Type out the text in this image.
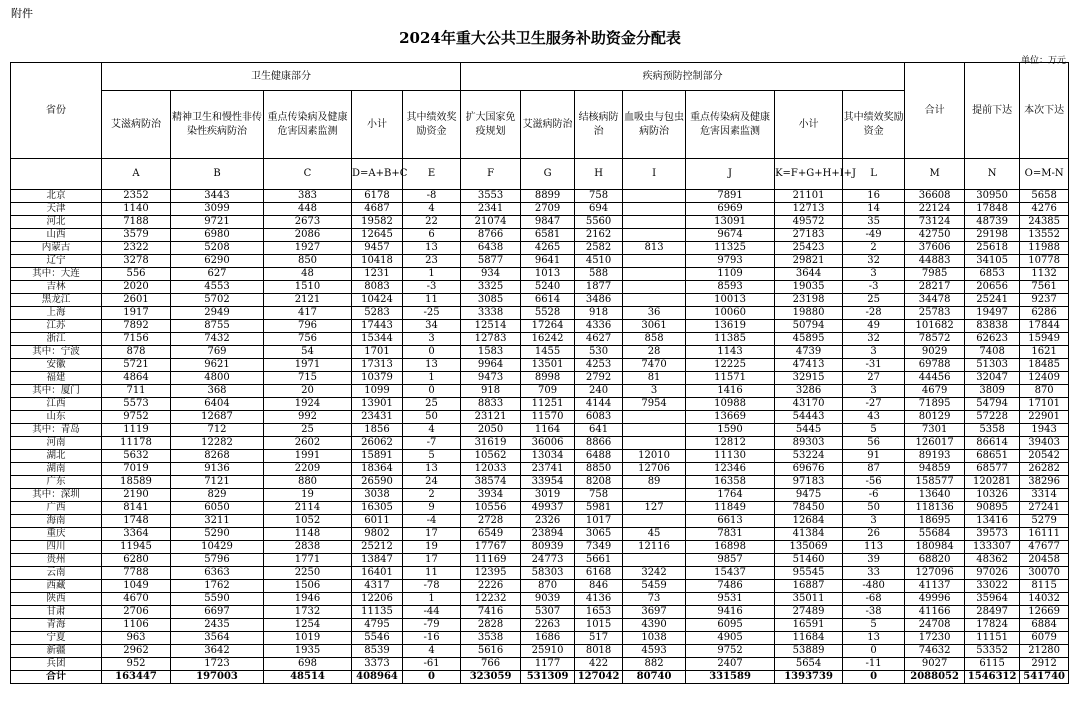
附件
2024年重大公共卫生服务补助资金分配表
单位：万元
省份	卫生健康部分					疾病预防控制部分							合计	提前下达	本次下达
	艾滋病防治	精神卫生和慢性非传染性疾病防治	重点传染病及健康危害因素监测	小计	其中绩效奖励资金	扩大国家免疫规划	艾滋病防治	结核病防治	血吸虫与包虫病防治	重点传染病及健康危害因素监测	小计	其中绩效奖励资金			
	A	B	C	D=A+B+C	E	F	G	H	I	J	K=F+G+H+I+J	L	M	N	O=M-N
北京	2352	3443	383	6178	-8	3553	8899	758		7891	21101	16	36608	30950	5658
天津	1140	3099	448	4687	4	2341	2709	694		6969	12713	14	22124	17848	4276
河北	7188	9721	2673	19582	22	21074	9847	5560		13091	49572	35	73124	48739	24385
山西	3579	6980	2086	12645	6	8766	6581	2162		9674	27183	-49	42750	29198	13552
内蒙古	2322	5208	1927	9457	13	6438	4265	2582	813	11325	25423	2	37606	25618	11988
辽宁	3278	6290	850	10418	23	5877	9641	4510		9793	29821	32	44883	34105	10778
其中：大连	556	627	48	1231	1	934	1013	588		1109	3644	3	7985	6853	1132
吉林	2020	4553	1510	8083	-3	3325	5240	1877		8593	19035	-3	28217	20656	7561
黑龙江	2601	5702	2121	10424	11	3085	6614	3486		10013	23198	25	34478	25241	9237
上海	1917	2949	417	5283	-25	3338	5528	918	36	10060	19880	-28	25783	19497	6286
江苏	7892	8755	796	17443	34	12514	17264	4336	3061	13619	50794	49	101682	83838	17844
浙江	7156	7432	756	15344	3	12783	16242	4627	858	11385	45895	32	78572	62623	15949
其中：宁波	878	769	54	1701	0	1583	1455	530	28	1143	4739	3	9029	7408	1621
安徽	5721	9621	1971	17313	13	9964	13501	4253	7470	12225	47413	-31	69788	51303	18485
福建	4864	4800	715	10379	1	9473	8998	2792	81	11571	32915	27	44456	32047	12409
其中：厦门	711	368	20	1099	0	918	709	240	3	1416	3286	3	4679	3809	870
江西	5573	6404	1924	13901	25	8833	11251	4144	7954	10988	43170	-27	71895	54794	17101
山东	9752	12687	992	23431	50	23121	11570	6083		13669	54443	43	80129	57228	22901
其中：青岛	1119	712	25	1856	4	2050	1164	641		1590	5445	5	7301	5358	1943
河南	11178	12282	2602	26062	-7	31619	36006	8866		12812	89303	56	126017	86614	39403
湖北	5632	8268	1991	15891	5	10562	13034	6488	12010	11130	53224	91	89193	68651	20542
湖南	7019	9136	2209	18364	13	12033	23741	8850	12706	12346	69676	87	94859	68577	26282
广东	18589	7121	880	26590	24	38574	33954	8208	89	16358	97183	-56	158577	120281	38296
其中：深圳	2190	829	19	3038	2	3934	3019	758		1764	9475	-6	13640	10326	3314
广西	8141	6050	2114	16305	9	10556	49937	5981	127	11849	78450	50	118136	90895	27241
海南	1748	3211	1052	6011	-4	2728	2326	1017		6613	12684	3	18695	13416	5279
重庆	3364	5290	1148	9802	17	6549	23894	3065	45	7831	41384	26	55684	39573	16111
四川	11945	10429	2838	25212	19	17767	80939	7349	12116	16898	135069	113	180984	133307	47677
贵州	6280	5796	1771	13847	17	11169	24773	5661		9857	51460	39	68820	48362	20458
云南	7788	6363	2250	16401	11	12395	58303	6168	3242	15437	95545	33	127096	97026	30070
西藏	1049	1762	1506	4317	-78	2226	870	846	5459	7486	16887	-480	41137	33022	8115
陕西	4670	5590	1946	12206	1	12232	9039	4136	73	9531	35011	-68	49996	35964	14032
甘肃	2706	6697	1732	11135	-44	7416	5307	1653	3697	9416	27489	-38	41166	28497	12669
青海	1106	2435	1254	4795	-79	2828	2263	1015	4390	6095	16591	5	24708	17824	6884
宁夏	963	3564	1019	5546	-16	3538	1686	517	1038	4905	11684	13	17230	11151	6079
新疆	2962	3642	1935	8539	4	5616	25910	8018	4593	9752	53889	0	74632	53352	21280
兵团	952	1723	698	3373	-61	766	1177	422	882	2407	5654	-11	9027	6115	2912
合计	163447	197003	48514	408964	0	323059	531309	127042	80740	331589	1393739	0	2088052	1546312	541740
